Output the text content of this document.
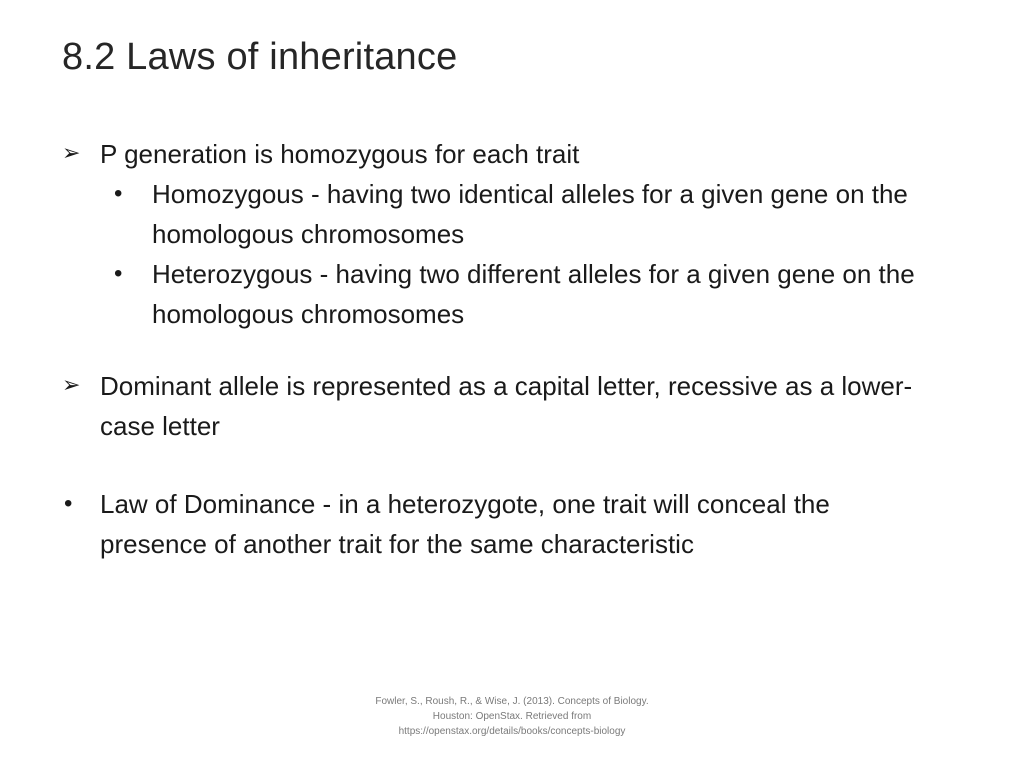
8.2 Laws of inheritance
➢ P generation is homozygous for each trait
•	Homozygous - having two identical alleles for a given gene on the homologous chromosomes
•	Heterozygous - having two different alleles for a given gene on the homologous chromosomes
➢ Dominant allele is represented as a capital letter, recessive as a lower-case letter
•	Law of Dominance - in a heterozygote, one trait will conceal the presence of another trait for the same characteristic
Fowler, S., Roush, R., & Wise, J. (2013). Concepts of Biology.
Houston: OpenStax. Retrieved from
https://openstax.org/details/books/concepts-biology
